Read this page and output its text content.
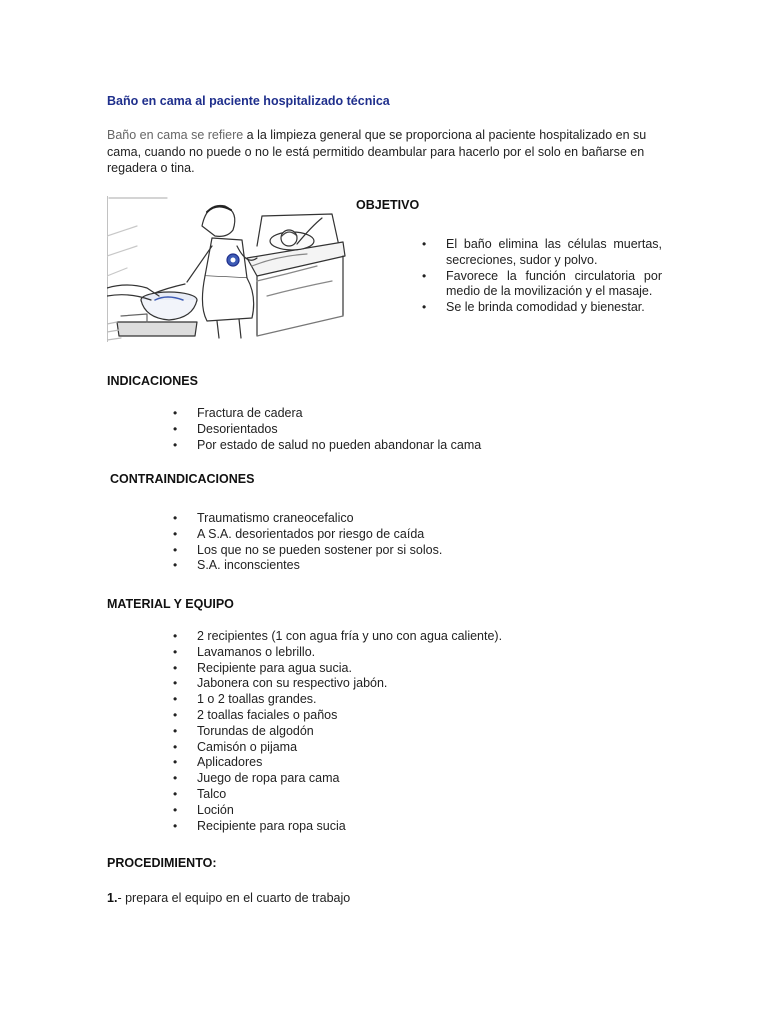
Baño en cama al paciente hospitalizado técnica
Baño en cama se refiere a la limpieza general que se proporciona al paciente hospitalizado en su cama, cuando no puede o no le está permitido deambular para hacerlo por el solo en bañarse en regadera o tina.
OBJETIVO
• El baño elimina las células muertas, secreciones, sudor y polvo.
• Favorece la función circulatoria por medio de la movilización y el masaje.
• Se le brinda comodidad y bienestar.
INDICACIONES
• Fractura de cadera
• Desorientados
• Por estado de salud no pueden abandonar la cama
CONTRAINDICACIONES
• Traumatismo craneocefalico
• A S.A. desorientados por riesgo de caída
• Los que no se pueden sostener por si solos.
• S.A. inconscientes
MATERIAL Y EQUIPO
• 2 recipientes (1 con agua fría y uno con agua caliente).
• Lavamanos o lebrillo.
• Recipiente para agua sucia.
• Jabonera con su respectivo jabón.
• 1 o 2 toallas grandes.
• 2 toallas faciales o paños
• Torundas de algodón
• Camisón o pijama
• Aplicadores
• Juego de ropa para cama
• Talco
• Loción
• Recipiente para ropa sucia
PROCEDIMIENTO:
1.- prepara el equipo en el cuarto de trabajo
